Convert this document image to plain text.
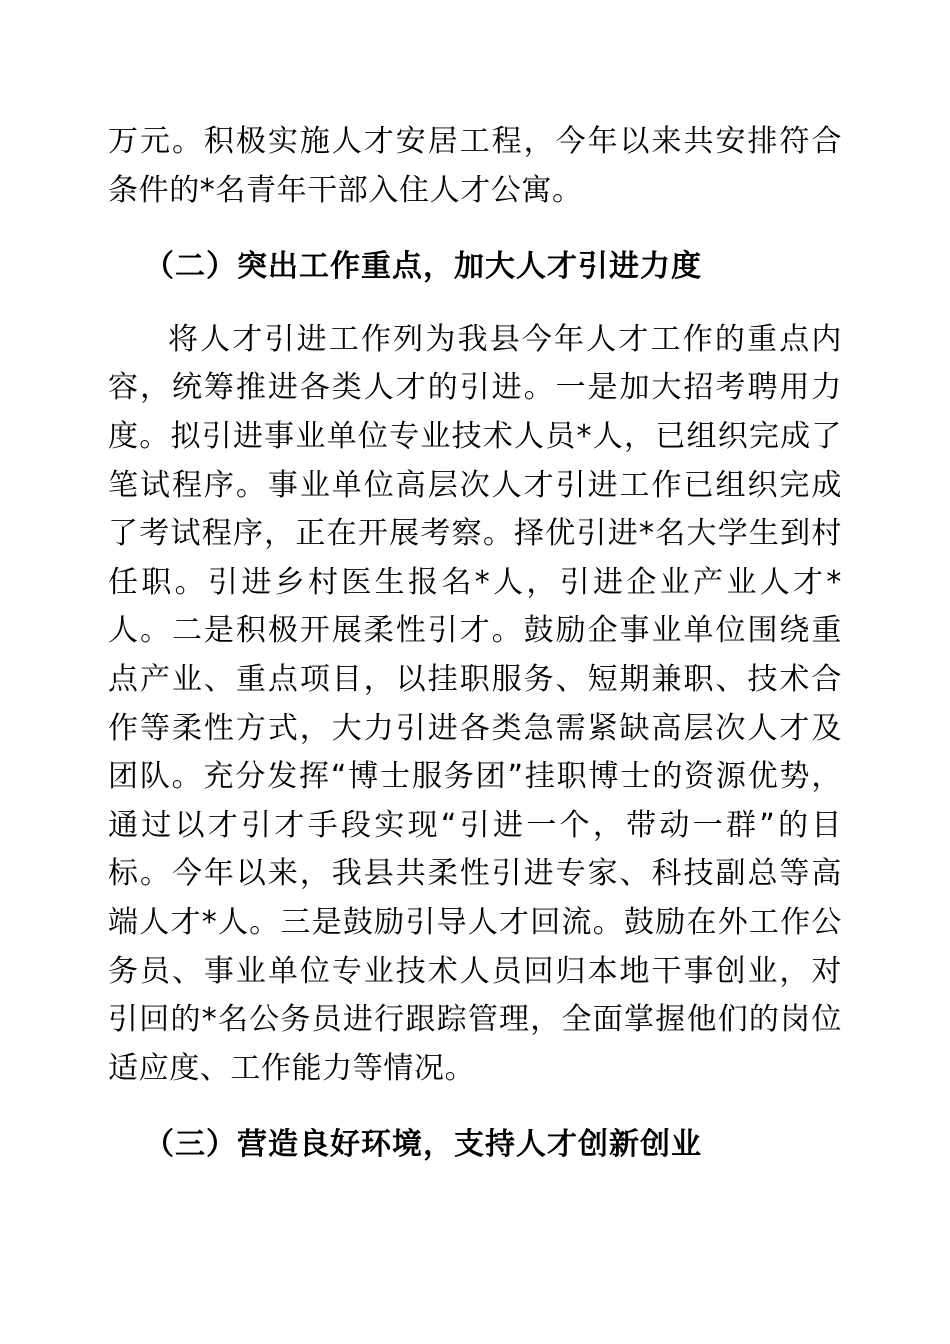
万元。积极实施人才安居工程，今年以来共安排符合条件的*名青年干部入住人才公寓。

（二）突出工作重点，加大人才引进力度

将人才引进工作列为我县今年人才工作的重点内容，统筹推进各类人才的引进。一是加大招考聘用力度。拟引进事业单位专业技术人员*人，已组织完成了笔试程序。事业单位高层次人才引进工作已组织完成了考试程序，正在开展考察。择优引进*名大学生到村任职。引进乡村医生报名*人，引进企业产业人才*人。二是积极开展柔性引才。鼓励企事业单位围绕重点产业、重点项目，以挂职服务、短期兼职、技术合作等柔性方式，大力引进各类急需紧缺高层次人才及团队。充分发挥“博士服务团”挂职博士的资源优势，通过以才引才手段实现“引进一个，带动一群”的目标。今年以来，我县共柔性引进专家、科技副总等高端人才*人。三是鼓励引导人才回流。鼓励在外工作公务员、事业单位专业技术人员回归本地干事创业，对引回的*名公务员进行跟踪管理，全面掌握他们的岗位适应度、工作能力等情况。

（三）营造良好环境，支持人才创新创业
